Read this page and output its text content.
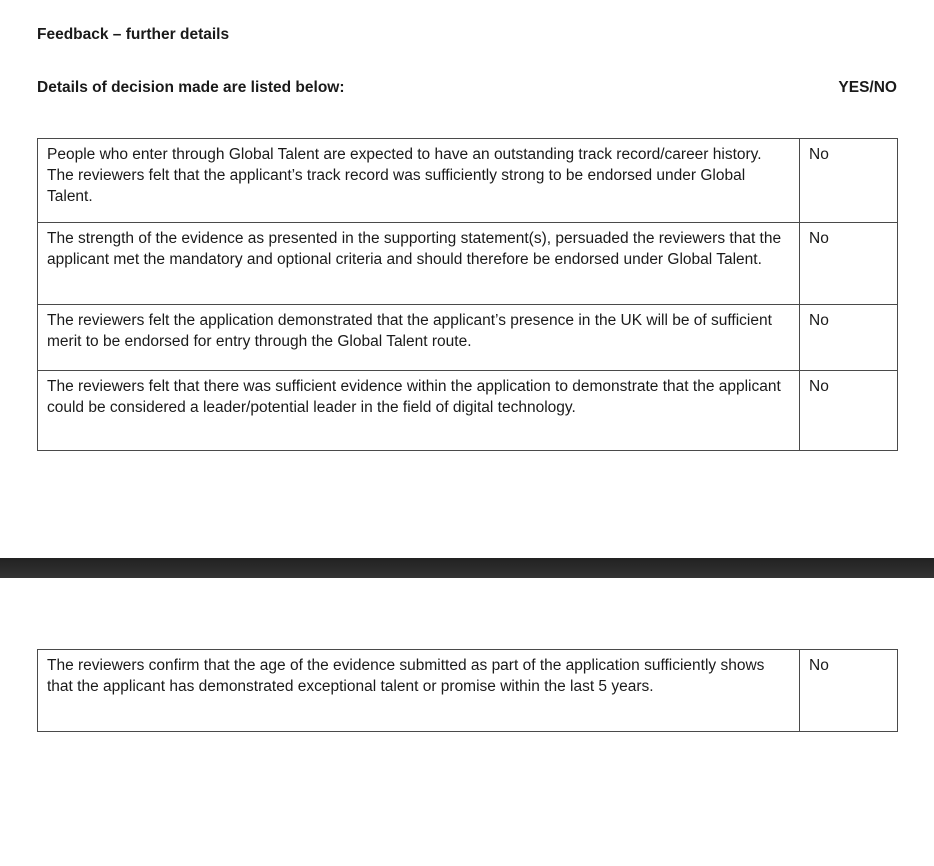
Feedback – further details
Details of decision made are listed below:	YES/NO
People who enter through Global Talent are expected to have an outstanding track record/career history. The reviewers felt that the applicant’s track record was sufficiently strong to be endorsed under Global Talent.	No
The strength of the evidence as presented in the supporting statement(s), persuaded the reviewers that the applicant met the mandatory and optional criteria and should therefore be endorsed under Global Talent.	No
The reviewers felt the application demonstrated that the applicant’s presence in the UK will be of sufficient merit to be endorsed for entry through the Global Talent route.	No
The reviewers felt that there was sufficient evidence within the application to demonstrate that the applicant could be considered a leader/potential leader in the field of digital technology.	No
The reviewers confirm that the age of the evidence submitted as part of the application sufficiently shows that the applicant has demonstrated exceptional talent or promise within the last 5 years.	No
